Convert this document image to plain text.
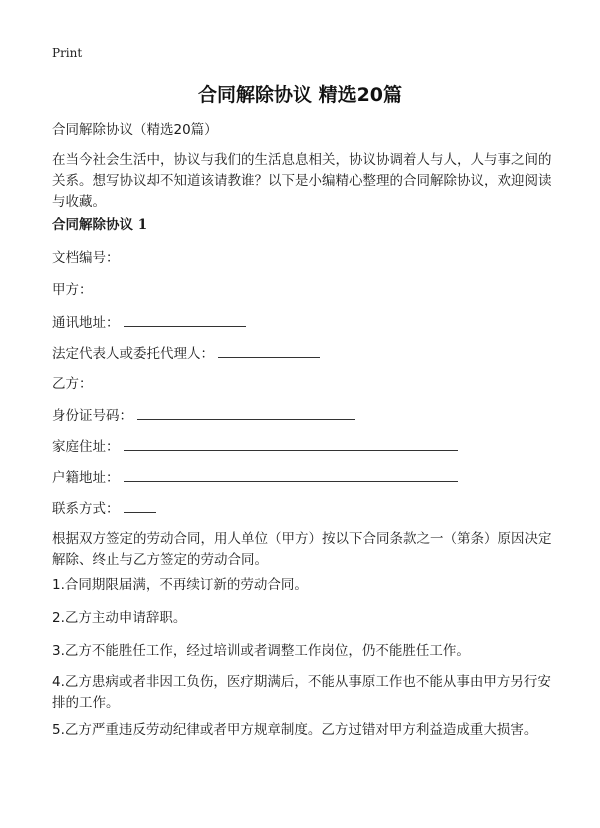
Print
合同解除协议 精选20篇
合同解除协议（精选20篇）
在当今社会生活中，协议与我们的生活息息相关，协议协调着人与人，人与事之间的关系。想写协议却不知道该请教谁？以下是小编精心整理的合同解除协议，欢迎阅读与收藏。
合同解除协议 1
文档编号：
甲方：
通讯地址：
法定代表人或委托代理人：
乙方：
身份证号码：
家庭住址：
户籍地址：
联系方式：
根据双方签定的劳动合同，用人单位（甲方）按以下合同条款之一（第条）原因决定解除、终止与乙方签定的劳动合同。
1.合同期限届满，不再续订新的劳动合同。
2.乙方主动申请辞职。
3.乙方不能胜任工作，经过培训或者调整工作岗位，仍不能胜任工作。
4.乙方患病或者非因工负伤，医疗期满后，不能从事原工作也不能从事由甲方另行安排的工作。
5.乙方严重违反劳动纪律或者甲方规章制度。乙方过错对甲方利益造成重大损害。
